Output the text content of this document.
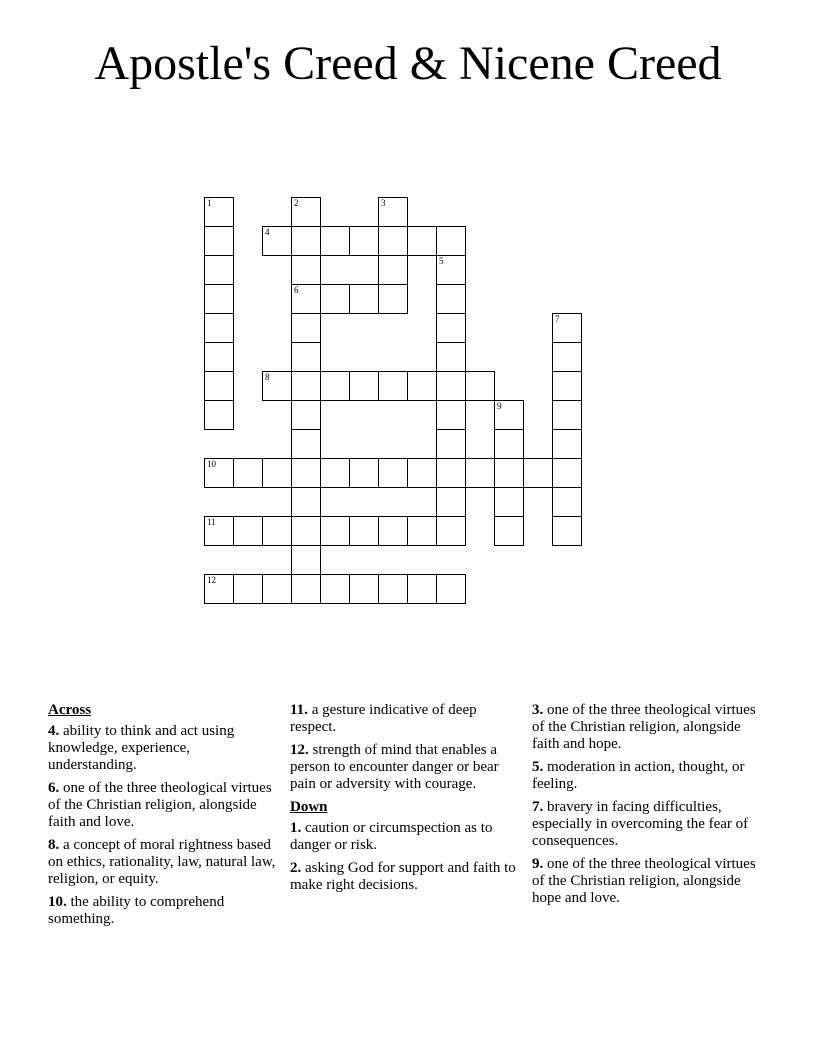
Apostle's Creed & Nicene Creed
4
6
8
10
11
12
1	2	3
5
7
9
Across
4. ability to think and act using knowledge, experience, understanding.
6. one of the three theological virtues of the Christian religion, alongside faith and love.
8. a concept of moral rightness based on ethics, rationality, law, natural law, religion, or equity.
10. the ability to comprehend something.
11. a gesture indicative of deep respect.
12. strength of mind that enables a person to encounter danger or bear pain or adversity with courage.
Down
1. caution or circumspection as to danger or risk.
2. asking God for support and faith to make right decisions.
3. one of the three theological virtues of the Christian religion, alongside faith and hope.
5. moderation in action, thought, or feeling.
7. bravery in facing difficulties, especially in overcoming the fear of consequences.
9. one of the three theological virtues of the Christian religion, alongside hope and love.
